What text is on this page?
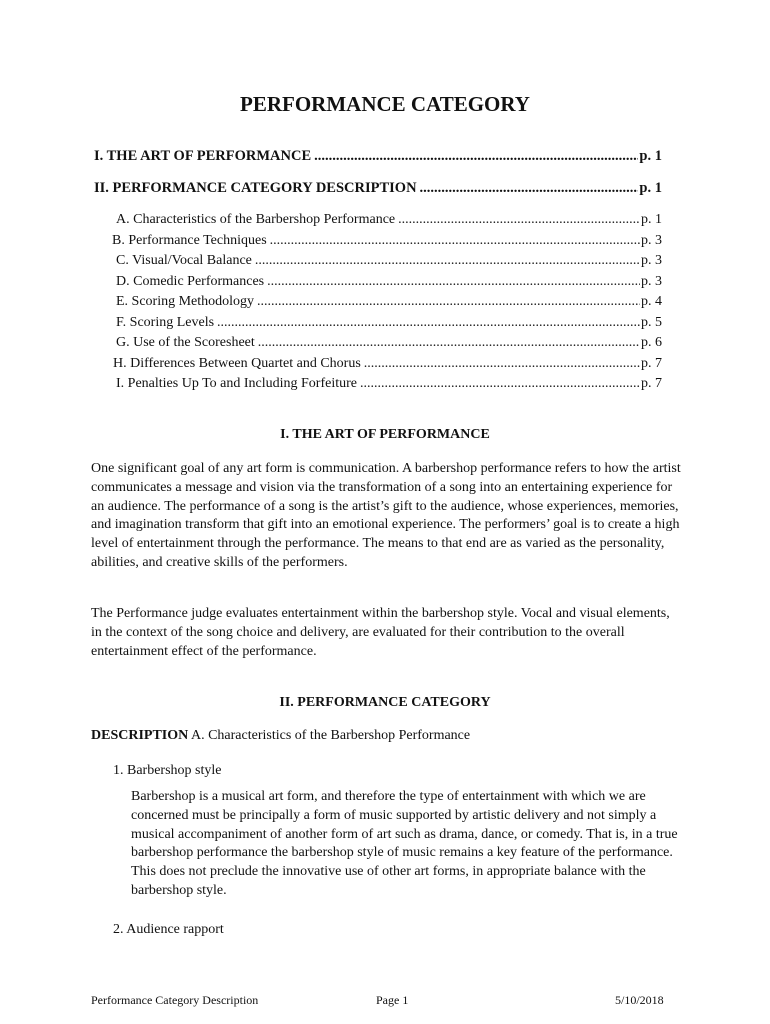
PERFORMANCE CATEGORY
I. THE ART OF PERFORMANCE .....	p. 1
II. PERFORMANCE CATEGORY DESCRIPTION .....	p. 1
A. Characteristics of the Barbershop Performance .....	p. 1
B. Performance Techniques .....	p. 3
C. Visual/Vocal Balance .....	p. 3
D. Comedic Performances .....	p. 3
E. Scoring Methodology .....	p. 4
F. Scoring Levels .....	p. 5
G. Use of the Scoresheet .....	p. 6
H. Differences Between Quartet and Chorus .....	p. 7
I. Penalties Up To and Including Forfeiture .....	p. 7
I. THE ART OF PERFORMANCE
One significant goal of any art form is communication. A barbershop performance refers to how the artist communicates a message and vision via the transformation of a song into an entertaining experience for an audience. The performance of a song is the artist’s gift to the audience, whose experiences, memories, and imagination transform that gift into an emotional experience. The performers’ goal is to create a high level of entertainment through the performance. The means to that end are as varied as the personality, abilities, and creative skills of the performers.
The Performance judge evaluates entertainment within the barbershop style. Vocal and visual elements, in the context of the song choice and delivery, are evaluated for their contribution to the overall entertainment effect of the performance.
II. PERFORMANCE CATEGORY
DESCRIPTION A. Characteristics of the Barbershop Performance
1. Barbershop style
Barbershop is a musical art form, and therefore the type of entertainment with which we are concerned must be principally a form of music supported by artistic delivery and not simply a musical accompaniment of another form of art such as drama, dance, or comedy. That is, in a true barbershop performance the barbershop style of music remains a key feature of the performance. This does not preclude the innovative use of other art forms, in appropriate balance with the barbershop style.
2. Audience rapport
Performance Category Description	Page 1	5/10/2018
